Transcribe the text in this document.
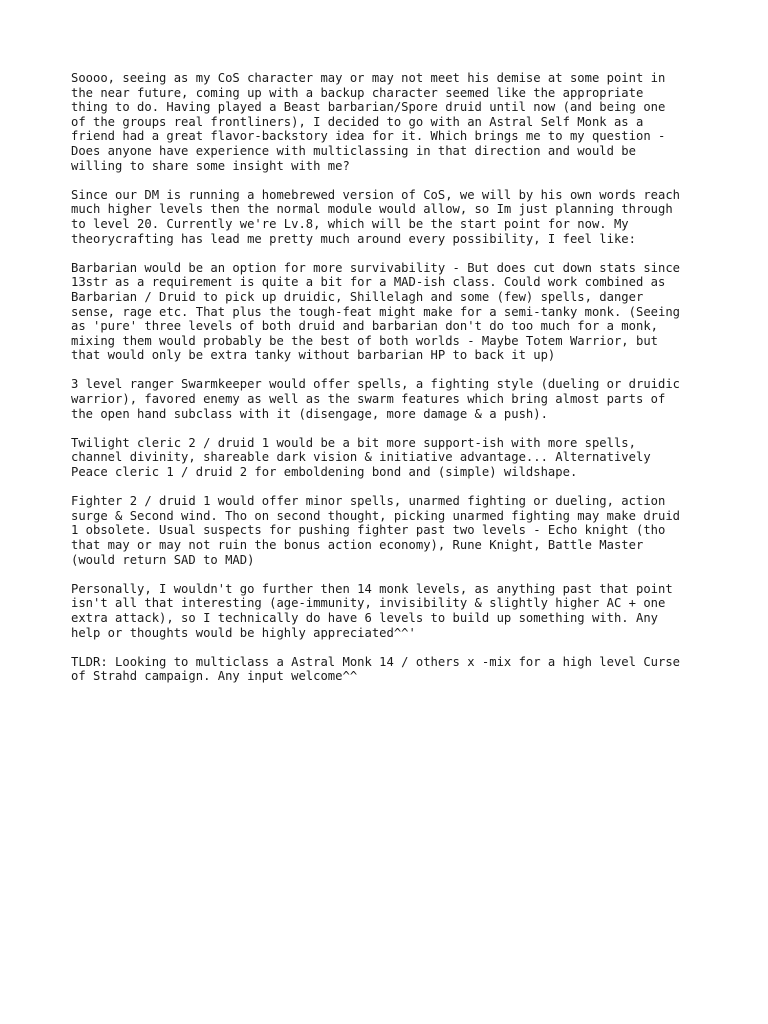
Soooo, seeing as my CoS character may or may not meet his demise at some point in
the near future, coming up with a backup character seemed like the appropriate
thing to do. Having played a Beast barbarian/Spore druid until now (and being one
of the groups real frontliners), I decided to go with an Astral Self Monk as a
friend had a great flavor-backstory idea for it. Which brings me to my question -
Does anyone have experience with multiclassing in that direction and would be
willing to share some insight with me?

Since our DM is running a homebrewed version of CoS, we will by his own words reach
much higher levels then the normal module would allow, so Im just planning through
to level 20. Currently we're Lv.8, which will be the start point for now. My
theorycrafting has lead me pretty much around every possibility, I feel like:

Barbarian would be an option for more survivability - But does cut down stats since
13str as a requirement is quite a bit for a MAD-ish class. Could work combined as
Barbarian / Druid to pick up druidic, Shillelagh and some (few) spells, danger
sense, rage etc. That plus the tough-feat might make for a semi-tanky monk. (Seeing
as 'pure' three levels of both druid and barbarian don't do too much for a monk,
mixing them would probably be the best of both worlds - Maybe Totem Warrior, but
that would only be extra tanky without barbarian HP to back it up)

3 level ranger Swarmkeeper would offer spells, a fighting style (dueling or druidic
warrior), favored enemy as well as the swarm features which bring almost parts of
the open hand subclass with it (disengage, more damage & a push).

Twilight cleric 2 / druid 1 would be a bit more support-ish with more spells,
channel divinity, shareable dark vision & initiative advantage... Alternatively
Peace cleric 1 / druid 2 for emboldening bond and (simple) wildshape.

Fighter 2 / druid 1 would offer minor spells, unarmed fighting or dueling, action
surge & Second wind. Tho on second thought, picking unarmed fighting may make druid
1 obsolete. Usual suspects for pushing fighter past two levels - Echo knight (tho
that may or may not ruin the bonus action economy), Rune Knight, Battle Master
(would return SAD to MAD)

Personally, I wouldn't go further then 14 monk levels, as anything past that point
isn't all that interesting (age-immunity, invisibility & slightly higher AC + one
extra attack), so I technically do have 6 levels to build up something with. Any
help or thoughts would be highly appreciated^^'

TLDR: Looking to multiclass a Astral Monk 14 / others x -mix for a high level Curse
of Strahd campaign. Any input welcome^^
